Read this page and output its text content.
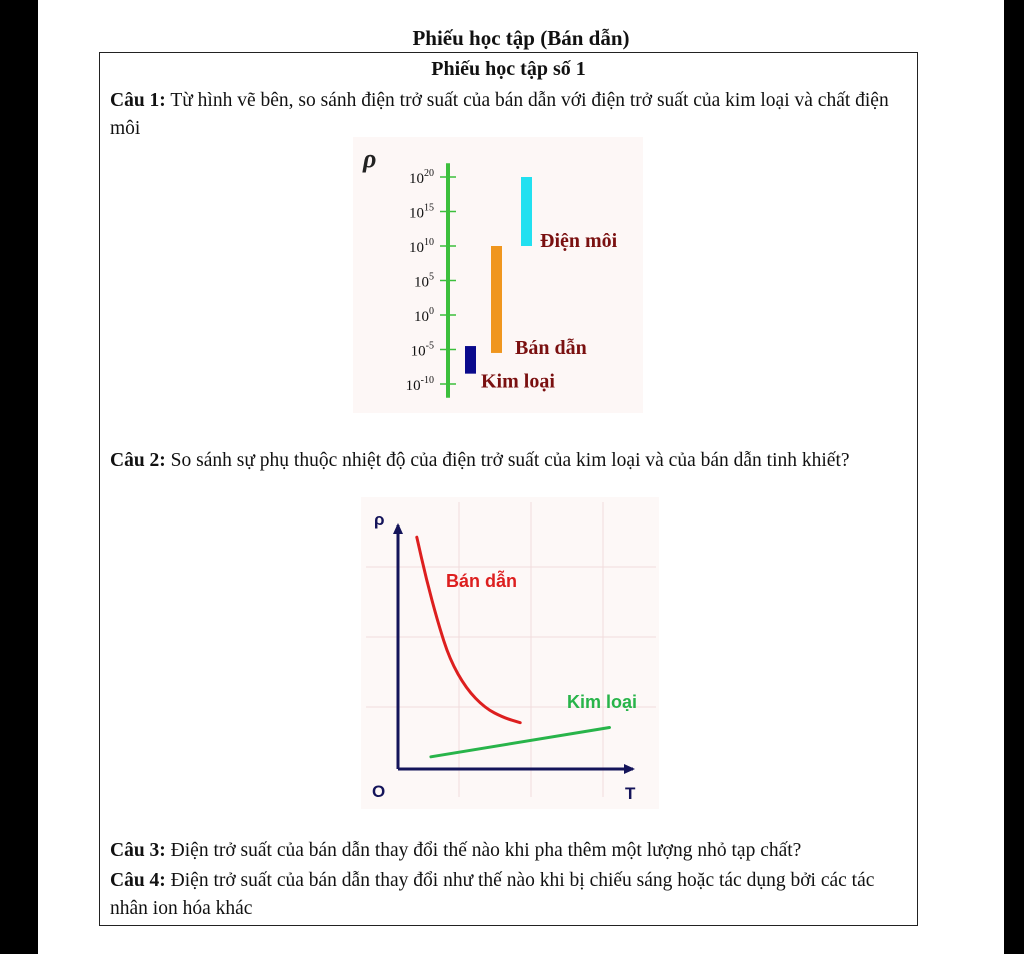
Phiếu học tập (Bán dẫn)
Phiếu học tập số 1
Câu 1: Từ hình vẽ bên, so sánh điện trở suất của bán dẫn với điện trở suất của kim loại và chất điện môi
ρ
$10^{20}$
$10^{15}$
$10^{10}$
$10^5$
$10^0$
$10^{-5}$
$10^{-10}$ Kim loại
Bán dẫn
Điện môi
Câu 2: So sánh sự phụ thuộc nhiệt độ của điện trở suất của kim loại và của bán dẫn tinh khiết?
ρ
O	T
Bán dẫn
Kim loại
Câu 3: Điện trở suất của bán dẫn thay đổi thế nào khi pha thêm một lượng nhỏ tạp chất?
Câu 4: Điện trở suất của bán dẫn thay đổi như thế nào khi bị chiếu sáng hoặc tác dụng bởi các tác nhân ion hóa khác
